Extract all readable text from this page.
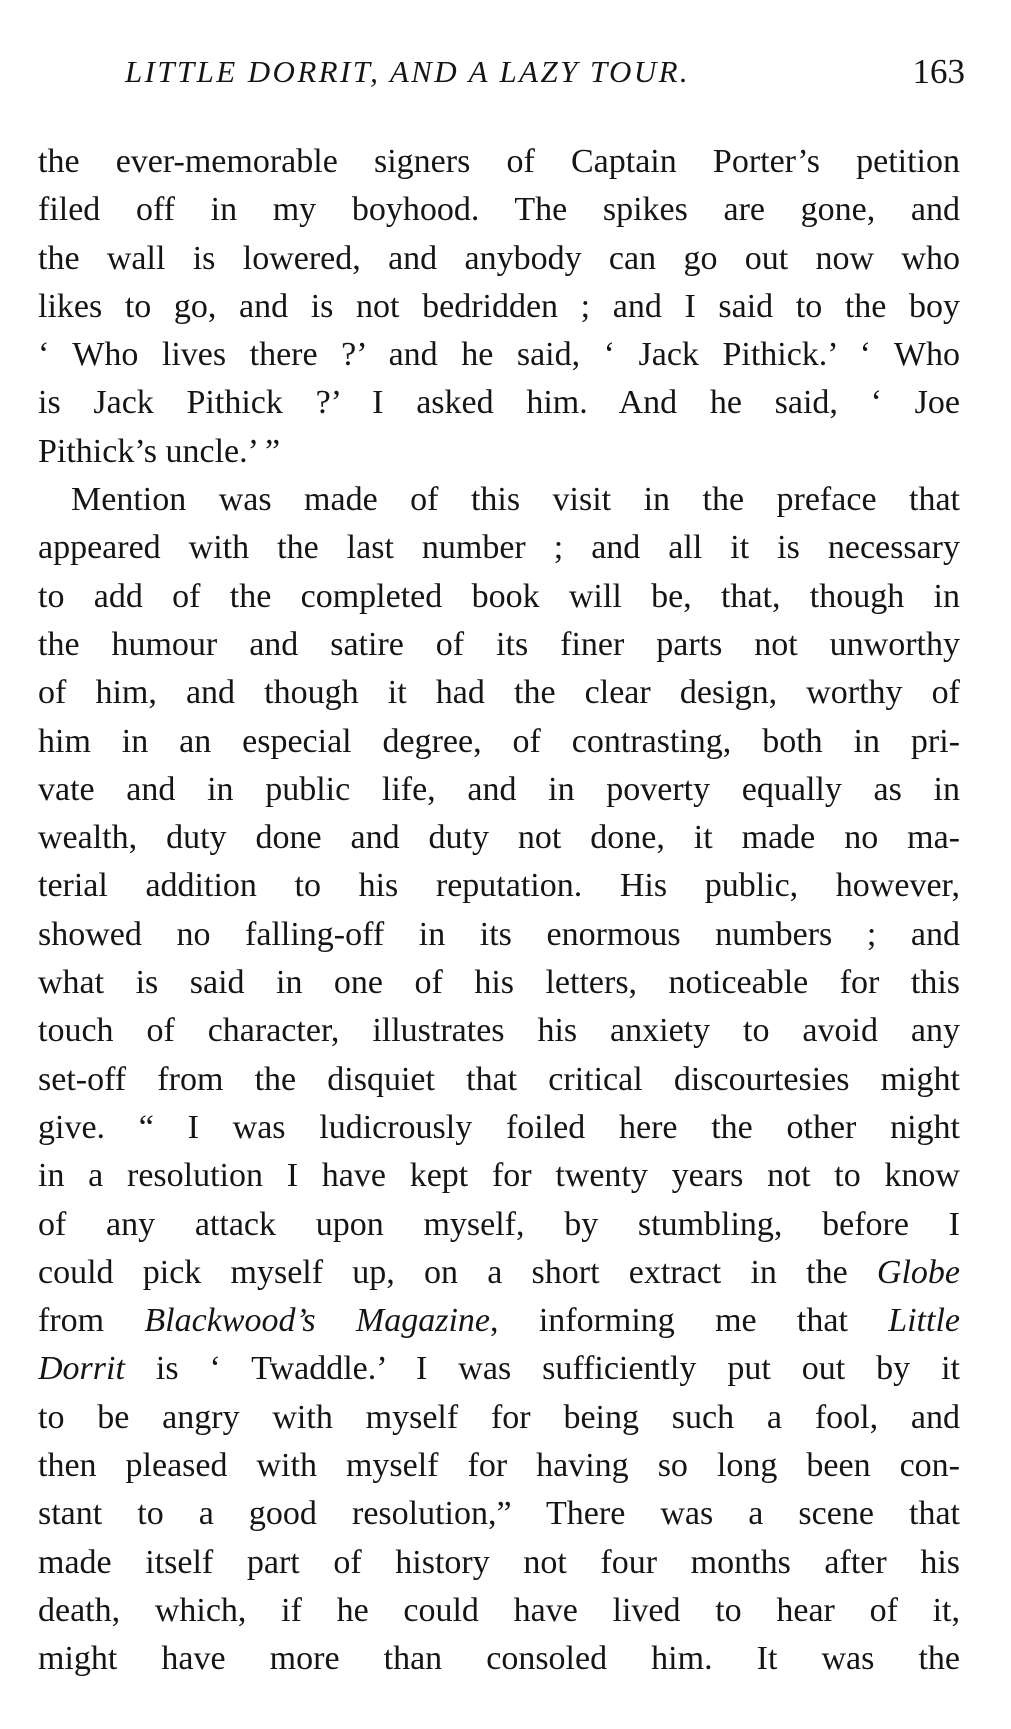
LITTLE DORRIT, AND A LAZY TOUR.	163
the ever-memorable signers of Captain Porter’s petition
filed off in my boyhood. The spikes are gone, and
the wall is lowered, and anybody can go out now who
likes to go, and is not bedridden ; and I said to the boy
‘ Who lives there ?’ and he said, ‘ Jack Pithick.’ ‘ Who
is Jack Pithick ?’ I asked him. And he said, ‘ Joe
Pithick’s uncle.’ ”
Mention was made of this visit in the preface that
appeared with the last number ; and all it is necessary
to add of the completed book will be, that, though in
the humour and satire of its finer parts not unworthy
of him, and though it had the clear design, worthy of
him in an especial degree, of contrasting, both in pri-
vate and in public life, and in poverty equally as in
wealth, duty done and duty not done, it made no ma-
terial addition to his reputation. His public, however,
showed no falling-off in its enormous numbers ; and
what is said in one of his letters, noticeable for this
touch of character, illustrates his anxiety to avoid any
set-off from the disquiet that critical discourtesies might
give. “ I was ludicrously foiled here the other night
in a resolution I have kept for twenty years not to know
of any attack upon myself, by stumbling, before I
could pick myself up, on a short extract in the Globe
from Blackwood’s Magazine, informing me that Little
Dorrit is ‘ Twaddle.’ I was sufficiently put out by it
to be angry with myself for being such a fool, and
then pleased with myself for having so long been con-
stant to a good resolution,” There was a scene that
made itself part of history not four months after his
death, which, if he could have lived to hear of it,
might have more than consoled him. It was the
